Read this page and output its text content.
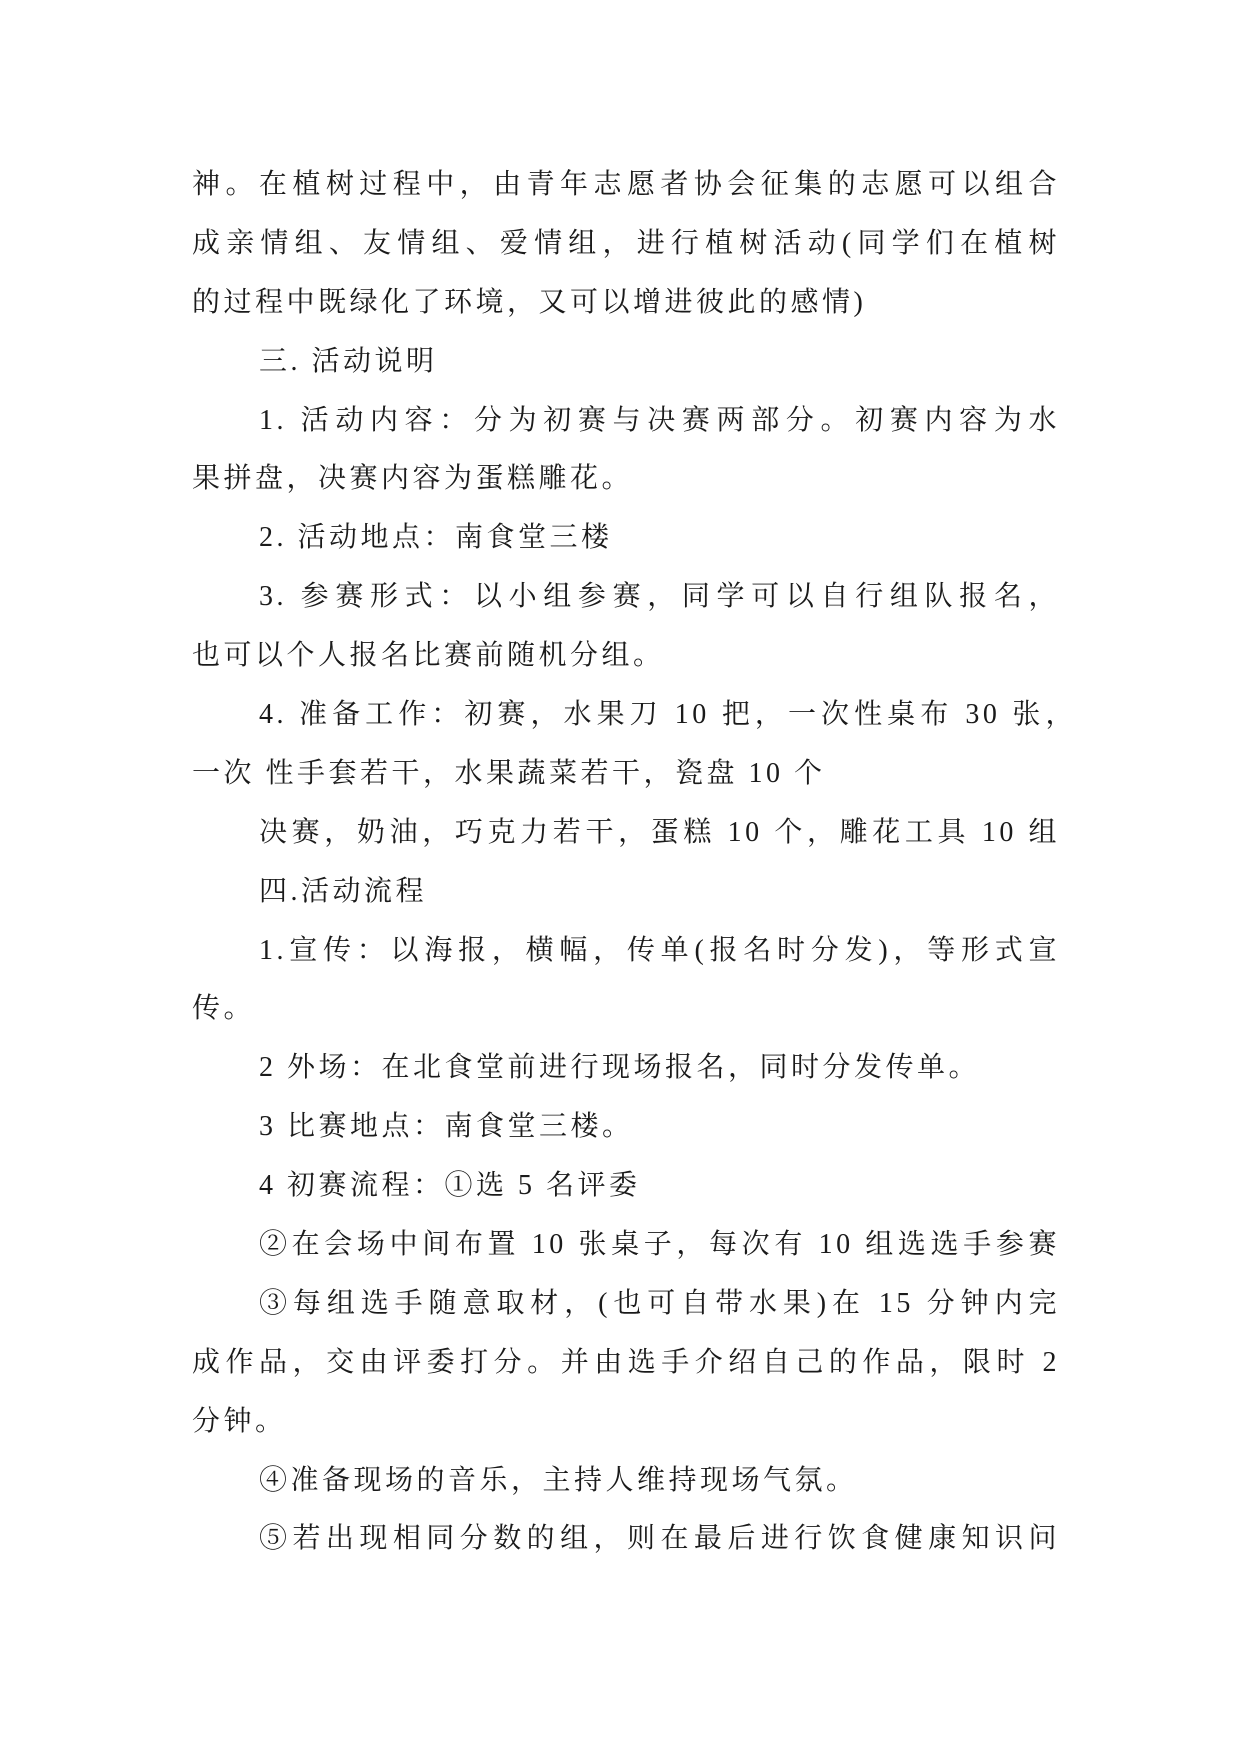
神。在植树过程中，由青年志愿者协会征集的志愿可以组合
成亲情组、友情组、爱情组，进行植树活动(同学们在植树
的过程中既绿化了环境，又可以增进彼此的感情)
三. 活动说明
1. 活动内容：分为初赛与决赛两部分。初赛内容为水
果拼盘，决赛内容为蛋糕雕花。
2. 活动地点：南食堂三楼
3. 参赛形式：以小组参赛，同学可以自行组队报名，
也可以个人报名比赛前随机分组。
4. 准备工作：初赛，水果刀 10 把，一次性桌布 30 张，
一次 性手套若干，水果蔬菜若干，瓷盘 10 个
决赛，奶油，巧克力若干，蛋糕 10 个，雕花工具 10 组
四.活动流程
1.宣传：以海报，横幅，传单(报名时分发)，等形式宣
传。
2 外场：在北食堂前进行现场报名，同时分发传单。
3 比赛地点：南食堂三楼。
4 初赛流程：①选 5 名评委
②在会场中间布置 10 张桌子，每次有 10 组选选手参赛
③每组选手随意取材，(也可自带水果)在 15 分钟内完
成作品，交由评委打分。并由选手介绍自己的作品，限时 2
分钟。
④准备现场的音乐，主持人维持现场气氛。
⑤若出现相同分数的组，则在最后进行饮食健康知识问
